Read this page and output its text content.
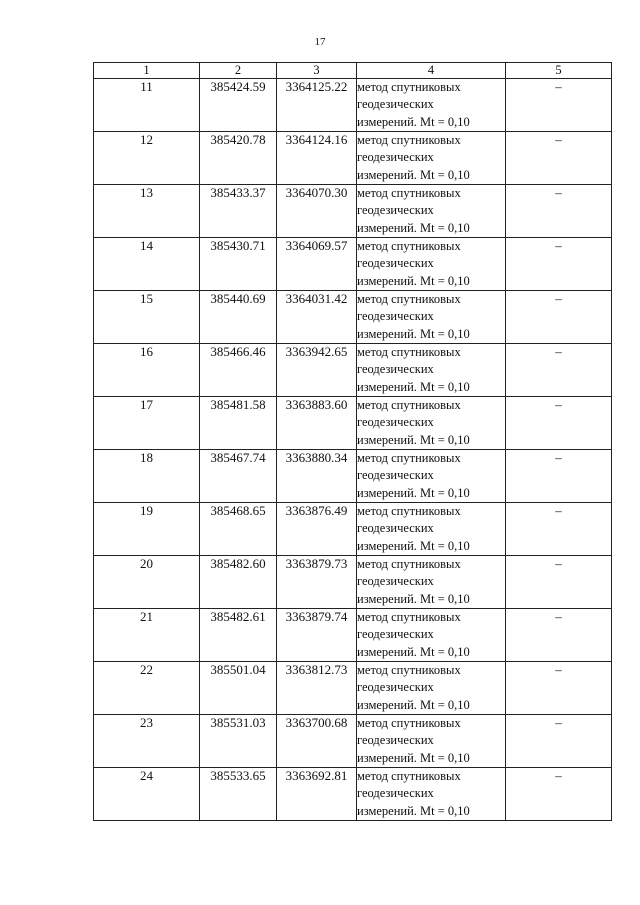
17
1	2	3	4	5
11	385424.59	3364125.22	метод спутниковых
геодезических
измерений. Mt = 0,10	–
12	385420.78	3364124.16	метод спутниковых
геодезических
измерений. Mt = 0,10	–
13	385433.37	3364070.30	метод спутниковых
геодезических
измерений. Mt = 0,10	–
14	385430.71	3364069.57	метод спутниковых
геодезических
измерений. Mt = 0,10	–
15	385440.69	3364031.42	метод спутниковых
геодезических
измерений. Mt = 0,10	–
16	385466.46	3363942.65	метод спутниковых
геодезических
измерений. Mt = 0,10	–
17	385481.58	3363883.60	метод спутниковых
геодезических
измерений. Mt = 0,10	–
18	385467.74	3363880.34	метод спутниковых
геодезических
измерений. Mt = 0,10	–
19	385468.65	3363876.49	метод спутниковых
геодезических
измерений. Mt = 0,10	–
20	385482.60	3363879.73	метод спутниковых
геодезических
измерений. Mt = 0,10	–
21	385482.61	3363879.74	метод спутниковых
геодезических
измерений. Mt = 0,10	–
22	385501.04	3363812.73	метод спутниковых
геодезических
измерений. Mt = 0,10	–
23	385531.03	3363700.68	метод спутниковых
геодезических
измерений. Mt = 0,10	–
24	385533.65	3363692.81	метод спутниковых
геодезических
измерений. Mt = 0,10	–
